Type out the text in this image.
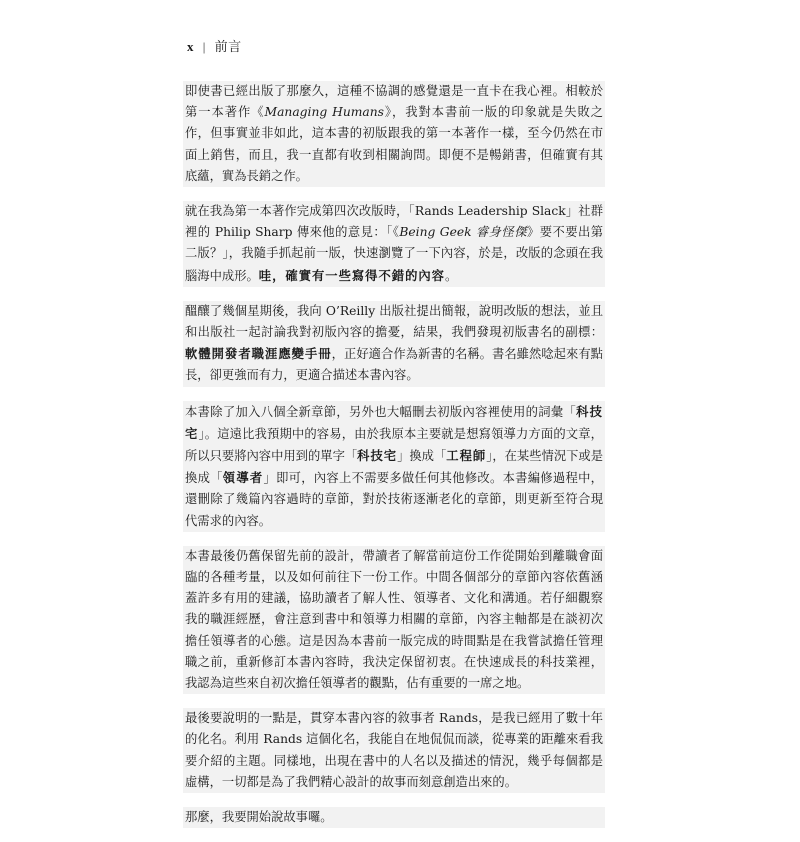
x | 前言

即使書已經出版了那麼久，這種不協調的感覺還是一直卡在我心裡。相較於第一本著作《Managing Humans》，我對本書前一版的印象就是失敗之作，但事實並非如此，這本書的初版跟我的第一本著作一樣，至今仍然在市面上銷售，而且，我一直都有收到相關詢問。即便不是暢銷書，但確實有其底蘊，實為長銷之作。

就在我為第一本著作完成第四次改版時，「Rands Leadership Slack」社群裡的 Philip Sharp 傳來他的意見：「《Being Geek 睿身怪傑》要不要出第二版？」，我隨手抓起前一版，快速瀏覽了一下內容，於是，改版的念頭在我腦海中成形。哇，確實有一些寫得不錯的內容。

醞釀了幾個星期後，我向 O’Reilly 出版社提出簡報，說明改版的想法，並且和出版社一起討論我對初版內容的擔憂，結果，我們發現初版書名的副標：軟體開發者職涯應變手冊，正好適合作為新書的名稱。書名雖然唸起來有點長，卻更強而有力，更適合描述本書內容。

本書除了加入八個全新章節，另外也大幅刪去初版內容裡使用的詞彙「科技宅」。這遠比我預期中的容易，由於我原本主要就是想寫領導力方面的文章，所以只要將內容中用到的單字「科技宅」換成「工程師」，在某些情況下或是換成「領導者」即可，內容上不需要多做任何其他修改。本書編修過程中，還刪除了幾篇內容過時的章節，對於技術逐漸老化的章節，則更新至符合現代需求的內容。

本書最後仍舊保留先前的設計，帶讀者了解當前這份工作從開始到離職會面臨的各種考量，以及如何前往下一份工作。中間各個部分的章節內容依舊涵蓋許多有用的建議，協助讀者了解人性、領導者、文化和溝通。若仔細觀察我的職涯經歷，會注意到書中和領導力相關的章節，內容主軸都是在談初次擔任領導者的心態。這是因為本書前一版完成的時間點是在我嘗試擔任管理職之前，重新修訂本書內容時，我決定保留初衷。在快速成長的科技業裡，我認為這些來自初次擔任領導者的觀點，佔有重要的一席之地。

最後要說明的一點是，貫穿本書內容的敘事者 Rands，是我已經用了數十年的化名。利用 Rands 這個化名，我能自在地侃侃而談，從專業的距離來看我要介紹的主題。同樣地，出現在書中的人名以及描述的情況，幾乎每個都是虛構，一切都是為了我們精心設計的故事而刻意創造出來的。

那麼，我要開始說故事囉。
